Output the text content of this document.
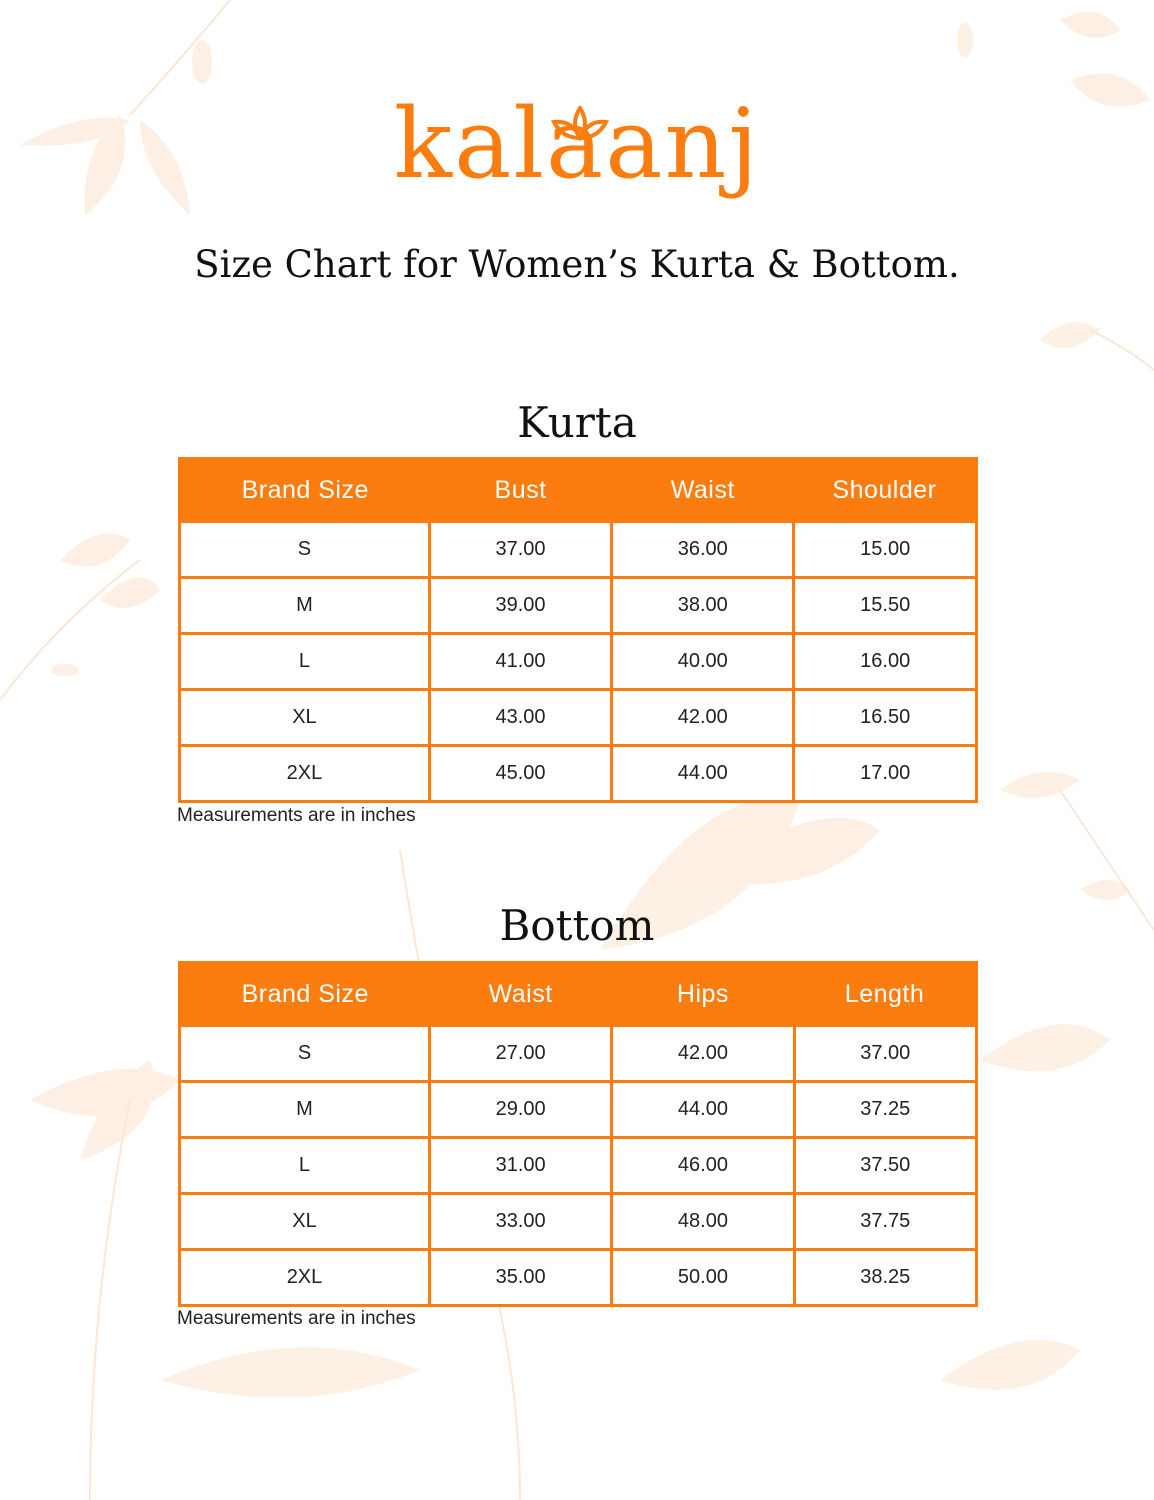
kalaanj
Size Chart for Women’s Kurta & Bottom.
Kurta
Brand Size	Bust	Waist	Shoulder
S	37.00	36.00	15.00
M	39.00	38.00	15.50
L	41.00	40.00	16.00
XL	43.00	42.00	16.50
2XL	45.00	44.00	17.00
Measurements are in inches
Bottom
Brand Size	Waist	Hips	Length
S	27.00	42.00	37.00
M	29.00	44.00	37.25
L	31.00	46.00	37.50
XL	33.00	48.00	37.75
2XL	35.00	50.00	38.25
Measurements are in inches
